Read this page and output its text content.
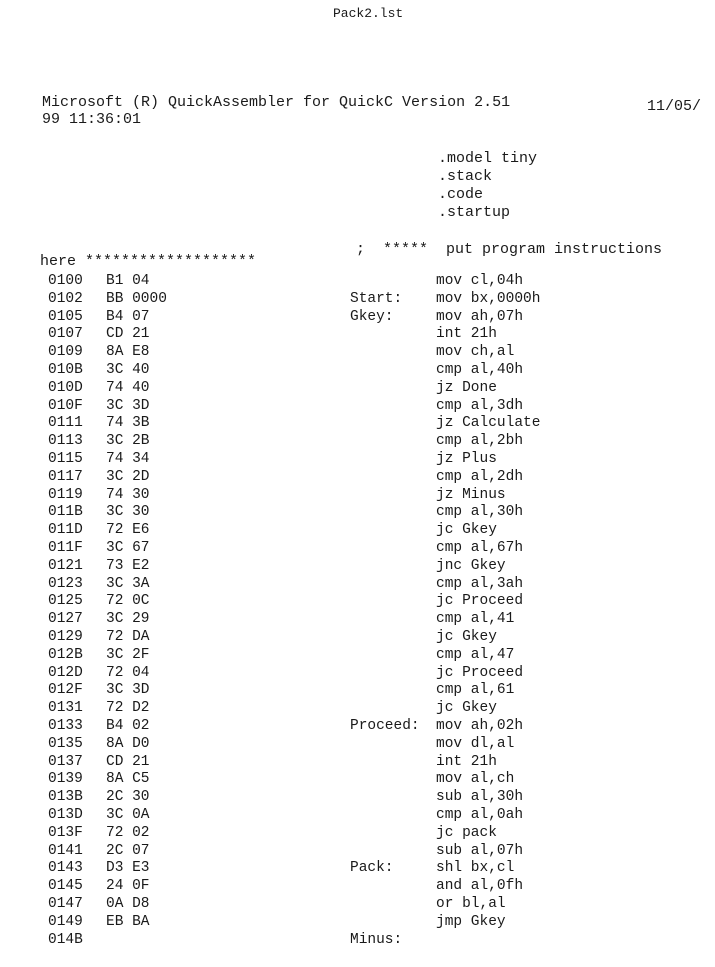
Pack2.lst
Microsoft (R) QuickAssembler for QuickC Version 2.51	11/05/
99 11:36:01
.model tiny
.stack
.code
.startup
;  *****  put program instructions
here *******************
0100 B1 04	mov cl,04h
0102 BB 0000	Start: mov bx,0000h
0105 B4 07	Gkey:	mov ah,07h
0107 CD 21	int 21h
0109 8A E8	mov ch,al
010B 3C 40	cmp al,40h
010D 74 40	jz Done
010F 3C 3D	cmp al,3dh
0111 74 3B	jz Calculate
0113 3C 2B	cmp al,2bh
0115 74 34	jz Plus
0117 3C 2D	cmp al,2dh
0119 74 30	jz Minus
011B 3C 30	cmp al,30h
011D 72 E6	jc Gkey
011F 3C 67	cmp al,67h
0121 73 E2	jnc Gkey
0123 3C 3A	cmp al,3ah
0125 72 0C	jc Proceed
0127 3C 29	cmp al,41
0129 72 DA	jc Gkey
012B 3C 2F	cmp al,47
012D 72 04	jc Proceed
012F 3C 3D	cmp al,61
0131 72 D2	jc Gkey
0133 B4 02	Proceed: mov ah,02h
0135 8A D0	mov dl,al
0137 CD 21	int 21h
0139 8A C5	mov al,ch
013B 2C 30	sub al,30h
013D 3C 0A	cmp al,0ah
013F 72 02	jc pack
0141 2C 07	sub al,07h
0143 D3 E3	Pack:	shl bx,cl
0145 24 0F	and al,0fh
0147 0A D8	or bl,al
0149 EB BA	jmp Gkey
014B	Minus:
